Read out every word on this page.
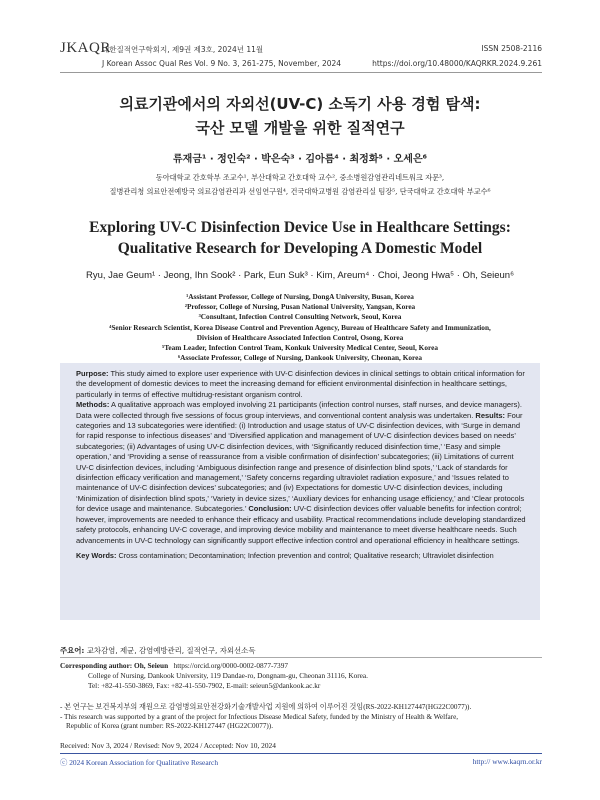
JKAQR
대한질적연구학회지, 제9권 제3호, 2024년 11월
J Korean Assoc Qual Res Vol. 9 No. 3, 261-275, November, 2024
ISSN 2508-2116
https://doi.org/10.48000/KAQRKR.2024.9.261
의료기관에서의 자외선(UV-C) 소독기 사용 경험 탐색:
국산 모델 개발을 위한 질적연구
류재금¹ · 정인숙² · 박은숙³ · 김아름⁴ · 최정화⁵ · 오세은⁶
동아대학교 간호학부 조교수¹, 부산대학교 간호대학 교수², 중소병원감염관리네트워크 자문³,
질병관리청 의료안전예방국 의료감염관리과 선임연구원⁴, 건국대학교병원 감염관리실 팀장⁵, 단국대학교 간호대학 부교수⁶
Exploring UV-C Disinfection Device Use in Healthcare Settings:
Qualitative Research for Developing A Domestic Model
Ryu, Jae Geum¹ · Jeong, Ihn Sook² · Park, Eun Suk³ · Kim, Areum⁴ · Choi, Jeong Hwa⁵ · Oh, Seieun⁶
¹Assistant Professor, College of Nursing, DongA University, Busan, Korea
²Professor, College of Nursing, Pusan National University, Yangsan, Korea
³Consultant, Infection Control Consulting Network, Seoul, Korea
⁴Senior Research Scientist, Korea Disease Control and Prevention Agency, Bureau of Healthcare Safety and Immunization,
Division of Healthcare Associated Infection Control, Osong, Korea
⁵Team Leader, Infection Control Team, Konkuk University Medical Center, Seoul, Korea
⁶Associate Professor, College of Nursing, Dankook University, Cheonan, Korea

Purpose: This study aimed to explore user experience with UV-C disinfection devices in clinical settings to obtain critical information for the development of domestic devices to meet the increasing demand for efficient environmental disinfection in healthcare settings, particularly in terms of effective multidrug-resistant organism control.

Methods: A qualitative approach was employed involving 21 participants (infection control nurses, staff nurses, and device managers). Data were collected through five sessions of focus group interviews, and conventional content analysis was undertaken. Results: Four categories and 13 subcategories were identified: (i) Introduction and usage status of UV-C disinfection devices, with ‘Surge in demand for rapid response to infectious diseases’ and ‘Diversified application and management of UV-C disinfection devices based on needs’ subcategories; (ii) Advantages of using UV-C disinfection devices, with ‘Significantly reduced disinfection time,’ ‘Easy and simple operation,’ and ‘Providing a sense of reassurance from a visible confirmation of disinfection’ subcategories; (iii) Limitations of current UV-C disinfection devices, including ‘Ambiguous disinfection range and presence of disinfection blind spots,’ ‘Lack of standards for disinfection efficacy verification and management,’ ‘Safety concerns regarding ultraviolet radiation exposure,’ and ‘Issues related to maintenance of UV-C disinfection devices’ subcategories; and (iv) Expectations for domestic UV-C disinfection devices, including ‘Minimization of disinfection blind spots,’ ‘Variety in device sizes,’ ‘Auxiliary devices for enhancing usage efficiency,’ and ‘Clear protocols for device usage and maintenance. Subcategories.’ Conclusion: UV-C disinfection devices offer valuable benefits for infection control; however, improvements are needed to enhance their efficacy and usability. Practical recommendations include developing standardized safety protocols, enhancing UV-C coverage, and improving device mobility and maintenance to meet diverse healthcare needs. Such advancements in UV-C technology can significantly support effective infection control and operational efficiency in healthcare settings.

Key Words: Cross contamination; Decontamination; Infection prevention and control; Qualitative research; Ultraviolet disinfection
주요어: 교차감염, 제균, 감염예방관리, 질적연구, 자외선소독
Corresponding author: Oh, Seieun https://orcid.org/0000-0002-0877-7397
College of Nursing, Dankook University, 119 Dandae-ro, Dongnam-gu, Cheonan 31116, Korea.
Tel: +82-41-550-3869, Fax: +82-41-550-7902, E-mail: seieun5@dankook.ac.kr
- 본 연구는 보건복지부의 재원으로 감염병의료안전강화기술개발사업 지원에 의하여 이루어진 것임(RS-2022-KH127447(HG22C0077)).
- This research was supported by a grant of the project for Infectious Disease Medical Safety, funded by the Ministry of Health & Welfare,
Republic of Korea (grant number: RS-2022-KH127447 (HG22C0077)).
Received: Nov 3, 2024 / Revised: Nov 9, 2024 / Accepted: Nov 10, 2024
ⓒ 2024 Korean Association for Qualitative Research	http:// www.kaqrn.or.kr
